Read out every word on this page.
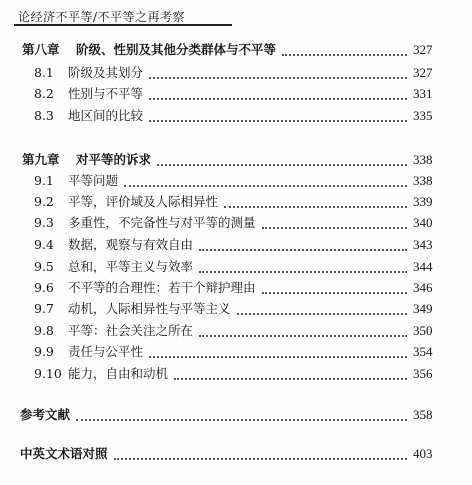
论经济不平等/不平等之再考察
第八章 阶级、性别及其他分类群体与不平等	327
8.1 阶级及其划分	327
8.2 性别与不平等	331
8.3 地区间的比较	335
第九章 对平等的诉求	338
9.1 平等问题	338
9.2 平等，评价域及人际相异性	339
9.3 多重性，不完备性与对平等的测量	340
9.4 数据，观察与有效自由	343
9.5 总和，平等主义与效率	344
9.6 不平等的合理性：若干个辩护理由	346
9.7 动机，人际相异性与平等主义	349
9.8 平等：社会关注之所在	350
9.9 责任与公平性	354
9.10 能力，自由和动机	356
参考文献	358
中英文术语对照	403
